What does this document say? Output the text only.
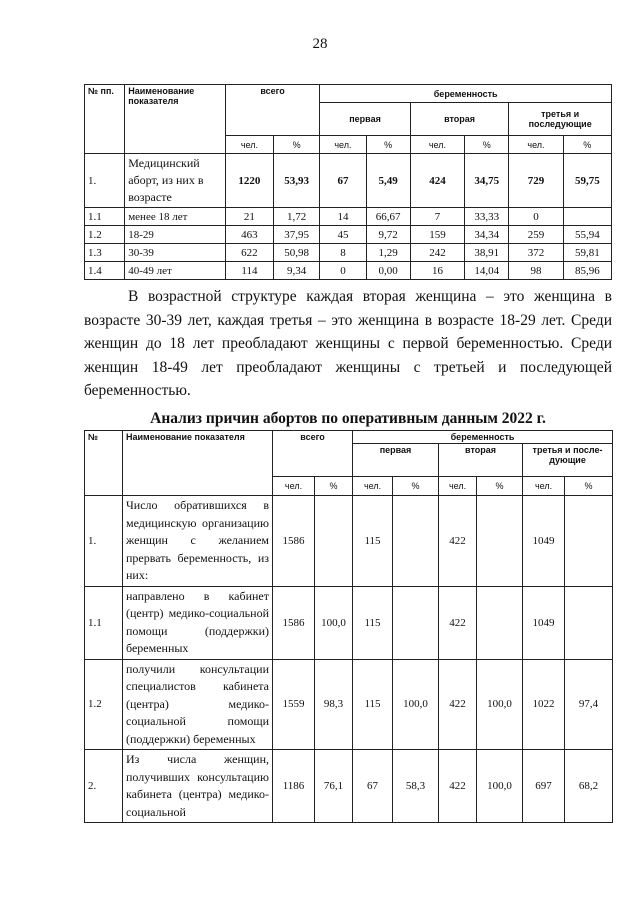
28
№ пп.	Наименование показателя	всего		беременность					
				первая		вторая		третья и последующие	
		чел.	%	чел.	%	чел.	%	чел.	%
1.	Медицинский аборт, из них в возрасте	1220	53,93	67	5,49	424	34,75	729	59,75
1.1	менее 18 лет	21	1,72	14	66,67	7	33,33	0	
1.2	18-29	463	37,95	45	9,72	159	34,34	259	55,94
1.3	30-39	622	50,98	8	1,29	242	38,91	372	59,81
1.4	40-49 лет	114	9,34	0	0,00	16	14,04	98	85,96

В возрастной структуре каждая вторая женщина – это женщина в возрасте 30-39 лет, каждая третья – это женщина в возрасте 18-29 лет. Среди женщин до 18 лет преобладают женщины с первой беременностью. Среди женщин 18-49 лет преобладают женщины с третьей и последующей беременностью.

Анализ причин абортов по оперативным данным 2022 г.
№	Наименование показателя	всего		беременность					
				первая		вторая		третья и после-дующие	
		чел.	%	чел.	%	чел.	%	чел.	%
1.	Число обратившихся в медицинскую организацию женщин с желанием прервать беременность, из них:	1586		115		422		1049	
1.1	направлено в кабинет (центр) медико-социальной помощи (поддержки) беременных	1586	100,0	115		422		1049	
1.2	получили консультации специалистов кабинета (центра) медико-социальной помощи (поддержки) беременных	1559	98,3	115	100,0	422	100,0	1022	97,4
2.	Из числа женщин, получивших консультацию кабинета (центра) медико-социальной	1186	76,1	67	58,3	422	100,0	697	68,2
